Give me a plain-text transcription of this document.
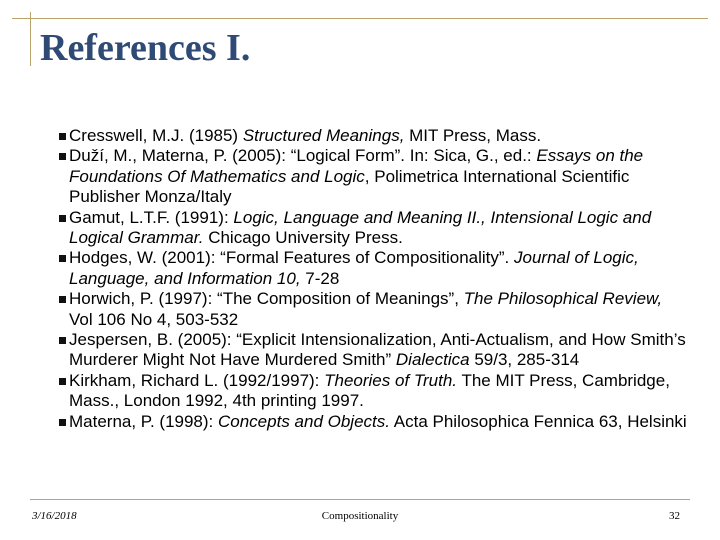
References I.
Cresswell, M.J. (1985) Structured Meanings, MIT Press, Mass.
Duží, M., Materna, P. (2005): “Logical Form”. In: Sica, G., ed.: Essays on the Foundations Of Mathematics and Logic, Polimetrica International Scientific Publisher Monza/Italy
Gamut, L.T.F. (1991): Logic, Language and Meaning II., Intensional Logic and Logical Grammar. Chicago University Press.
Hodges, W. (2001): “Formal Features of Compositionality”. Journal of Logic, Language, and Information 10, 7-28
Horwich, P. (1997): “The Composition of Meanings”, The Philosophical Review, Vol 106 No 4, 503-532
Jespersen, B. (2005): “Explicit Intensionalization, Anti-Actualism, and How Smith’s Murderer Might Not Have Murdered Smith” Dialectica 59/3, 285-314
Kirkham, Richard L. (1992/1997): Theories of Truth. The MIT Press, Cambridge, Mass., London 1992, 4th printing 1997.
Materna, P. (1998): Concepts and Objects. Acta Philosophica Fennica 63, Helsinki
3/16/2018	Compositionality	32
